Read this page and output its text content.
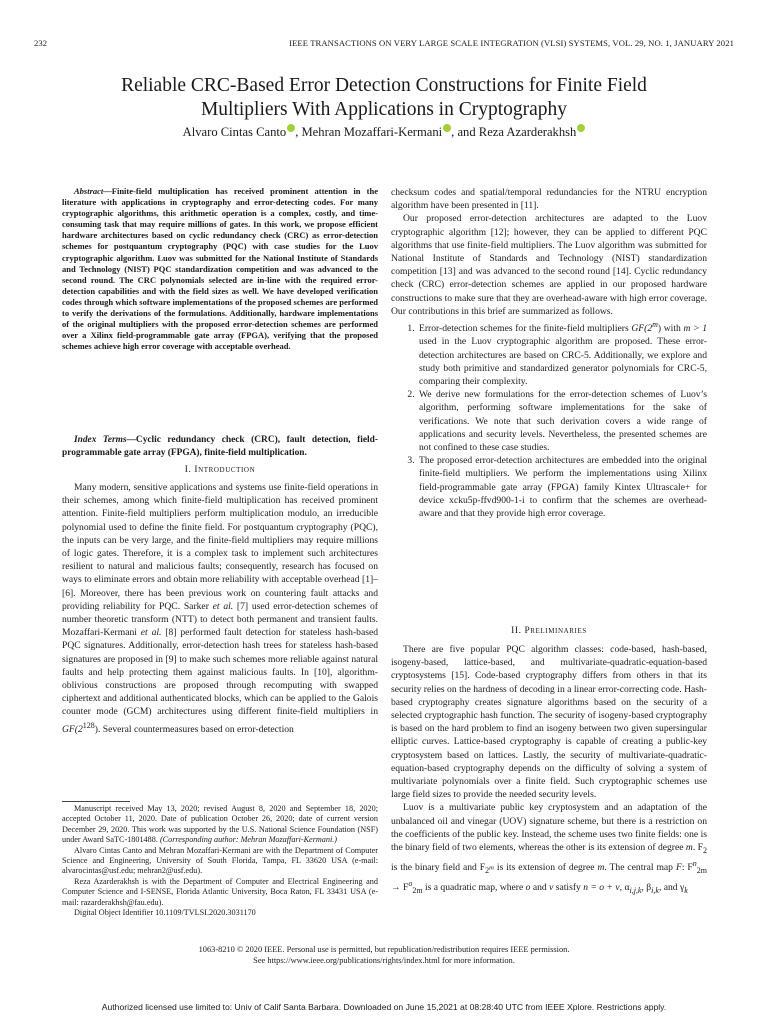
232	IEEE TRANSACTIONS ON VERY LARGE SCALE INTEGRATION (VLSI) SYSTEMS, VOL. 29, NO. 1, JANUARY 2021
Reliable CRC-Based Error Detection Constructions for Finite Field
Multipliers With Applications in Cryptography
Alvaro Cintas Canto , Mehran Mozaffari-Kermani , and Reza Azarderakhsh

Abstract—Finite-field multiplication has received prominent attention in the literature with applications in cryptography and error-detecting codes. For many cryptographic algorithms, this arithmetic operation is a complex, costly, and time-consuming task that may require millions of gates. In this work, we propose efficient hardware architectures based on cyclic redundancy check (CRC) as error-detection schemes for postquantum cryptography (PQC) with case studies for the Luov cryptographic algorithm. Luov was submitted for the National Institute of Standards and Technology (NIST) PQC standardization competition and was advanced to the second round. The CRC polynomials selected are in-line with the required error-detection capabilities and with the field sizes as well. We have developed verification codes through which software implementations of the proposed schemes are performed to verify the derivations of the formulations. Additionally, hardware implementations of the original multipliers with the proposed error-detection schemes are performed over a Xilinx field-programmable gate array (FPGA), verifying that the proposed schemes achieve high error coverage with acceptable overhead.

Index Terms—Cyclic redundancy check (CRC), fault detection, field-programmable gate array (FPGA), finite-field multiplication.

I. Introduction

Many modern, sensitive applications and systems use finite-field operations in their schemes, among which finite-field multiplication has received prominent attention. Finite-field multipliers perform multiplication modulo, an irreducible polynomial used to define the finite field. For postquantum cryptography (PQC), the inputs can be very large, and the finite-field multipliers may require millions of logic gates. Therefore, it is a complex task to implement such architectures resilient to natural and malicious faults; consequently, research has focused on ways to eliminate errors and obtain more reliability with acceptable overhead [1]–[6]. Moreover, there has been previous work on countering fault attacks and providing reliability for PQC. Sarker et al. [7] used error-detection schemes of number theoretic transform (NTT) to detect both permanent and transient faults. Mozaffari-Kermani et al. [8] performed fault detection for stateless hash-based PQC signatures. Additionally, error-detection hash trees for stateless hash-based signatures are proposed in [9] to make such schemes more reliable against natural faults and help protecting them against malicious faults. In [10], algorithm-oblivious constructions are proposed through recomputing with swapped ciphertext and additional authenticated blocks, which can be applied to the Galois counter mode (GCM) architectures using different finite-field multipliers in $GF(2^{128})$. Several countermeasures based on error-detection

Manuscript received May 13, 2020; revised August 8, 2020 and September 18, 2020; accepted October 11, 2020. Date of publication October 26, 2020; date of current version December 29, 2020. This work was supported by the U.S. National Science Foundation (NSF) under Award SaTC-1801488. (Corresponding author: Mehran Mozaffari-Kermani.)

Alvaro Cintas Canto and Mehran Mozaffari-Kermani are with the Department of Computer Science and Engineering, University of South Florida, Tampa, FL 33620 USA (e-mail: alvarocintas@usf.edu; mehran2@usf.edu).

Reza Azarderakhsh is with the Department of Computer and Electrical Engineering and Computer Science and I-SENSE, Florida Atlantic University, Boca Raton, FL 33431 USA (e-mail: razarderakhsh@fau.edu).

Digital Object Identifier 10.1109/TVLSI.2020.3031170

checksum codes and spatial/temporal redundancies for the NTRU encryption algorithm have been presented in [11].

Our proposed error-detection architectures are adapted to the Luov cryptographic algorithm [12]; however, they can be applied to different PQC algorithms that use finite-field multipliers. The Luov algorithm was submitted for National Institute of Standards and Technology (NIST) standardization competition [13] and was advanced to the second round [14]. Cyclic redundancy check (CRC) error-detection schemes are applied in our proposed hardware constructions to make sure that they are overhead-aware with high error coverage. Our contributions in this brief are summarized as follows.

1. Error-detection schemes for the finite-field multipliers GF(2$^m$) with m > 1 used in the Luov cryptographic algorithm are proposed. These error-detection architectures are based on CRC-5. Additionally, we explore and study both primitive and standardized generator polynomials for CRC-5, comparing their complexity.
2. We derive new formulations for the error-detection schemes of Luov’s algorithm, performing software implementations for the sake of verifications. We note that such derivation covers a wide range of applications and security levels. Nevertheless, the presented schemes are not confined to these case studies.
3. The proposed error-detection architectures are embedded into the original finite-field multipliers. We perform the implementations using Xilinx field-programmable gate array (FPGA) family Kintex Ultrascale+ for device xcku5p-ffvd900-1-i to confirm that the schemes are overhead-aware and that they provide high error coverage.
II. Preliminaries

There are five popular PQC algorithm classes: code-based, hash-based, isogeny-based, lattice-based, and multivariate-quadratic-equation-based cryptosystems [15]. Code-based cryptography differs from others in that its security relies on the hardness of decoding in a linear error-correcting code. Hash-based cryptography creates signature algorithms based on the security of a selected cryptographic hash function. The security of isogeny-based cryptography is based on the hard problem to find an isogeny between two given supersingular elliptic curves. Lattice-based cryptography is capable of creating a public-key cryptosystem based on lattices. Lastly, the security of multivariate-quadratic-equation-based cryptography depends on the difficulty of solving a system of multivariate polynomials over a finite field. Such cryptographic schemes use large field sizes to provide the needed security levels.

Luov is a multivariate public key cryptosystem and an adaptation of the unbalanced oil and vinegar (UOV) signature scheme, but there is a restriction on the coefficients of the public key. Instead, the scheme uses two finite fields: one is the binary field of two elements, whereas the other is its extension of degree m. $F_2$ is the binary field and $F_{2^m}$ is its extension of degree m. The central map F: $F^n_{2m} \to F^o_{2m}$ is a quadratic map, where o and v satisfy n = o + v, $\alpha_{i,j,k}$, $\beta_{i,k}$, and $\gamma_k$

1063-8210 © 2020 IEEE. Personal use is permitted, but republication/redistribution requires IEEE permission.
See https://www.ieee.org/publications/rights/index.html for more information.
Authorized licensed use limited to: Univ of Calif Santa Barbara. Downloaded on June 15,2021 at 08:28:40 UTC from IEEE Xplore. Restrictions apply.
